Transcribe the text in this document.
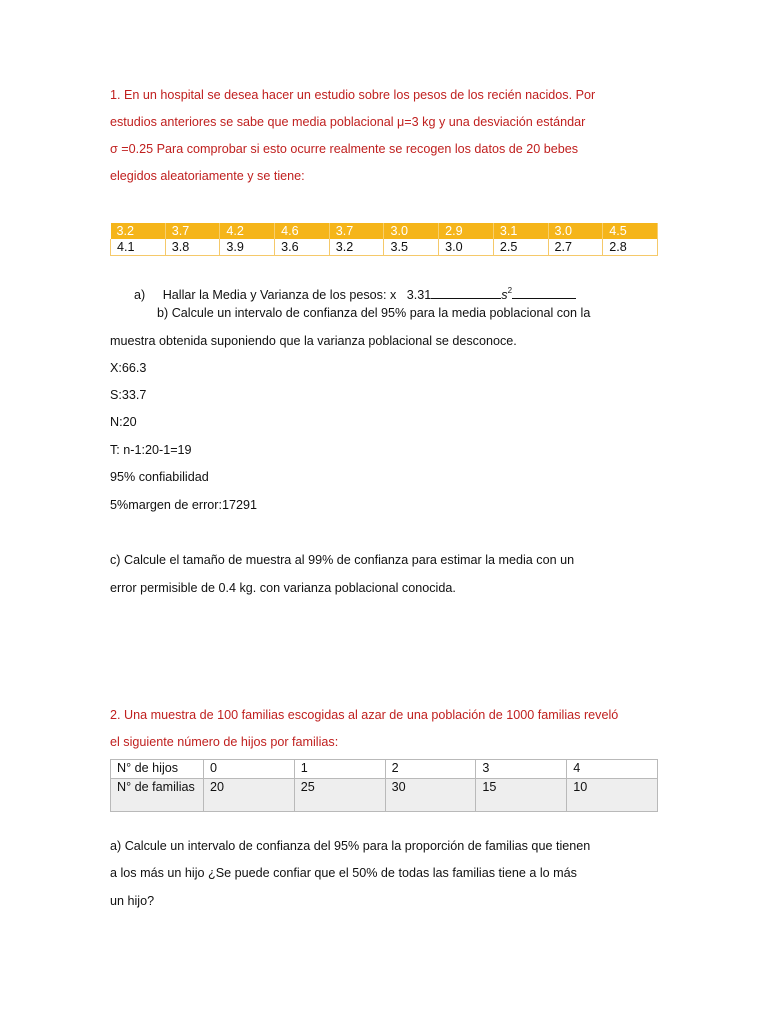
1. En un hospital se desea hacer un estudio sobre los pesos de los recién nacidos. Por
estudios anteriores se sabe que media poblacional μ=3 kg y una desviación estándar
σ =0.25 Para comprobar si esto ocurre realmente se recogen los datos de 20 bebes
elegidos aleatoriamente y se tiene:
3.2	3.7	4.2	4.6	3.7	3.0	2.9	3.1	3.0	4.5
4.1	3.8	3.9	3.6	3.2	3.5	3.0	2.5	2.7	2.8
a) Hallar la Media y Varianza de los pesos: x 3.31	$s^2$
b) Calcule un intervalo de confianza del 95% para la media poblacional con la
muestra obtenida suponiendo que la varianza poblacional se desconoce.
X:66.3
S:33.7
N:20
T: n-1:20-1=19
95% confiabilidad
5%margen de error:17291
c) Calcule el tamaño de muestra al 99% de confianza para estimar la media con un
error permisible de 0.4 kg. con varianza poblacional conocida.
2. Una muestra de 100 familias escogidas al azar de una población de 1000 familias reveló
el siguiente número de hijos por familias:
N° de hijos	0	1	2	3	4
N° de familias	20	25	30	15	10
a) Calcule un intervalo de confianza del 95% para la proporción de familias que tienen
a los más un hijo ¿Se puede confiar que el 50% de todas las familias tiene a lo más
un hijo?
